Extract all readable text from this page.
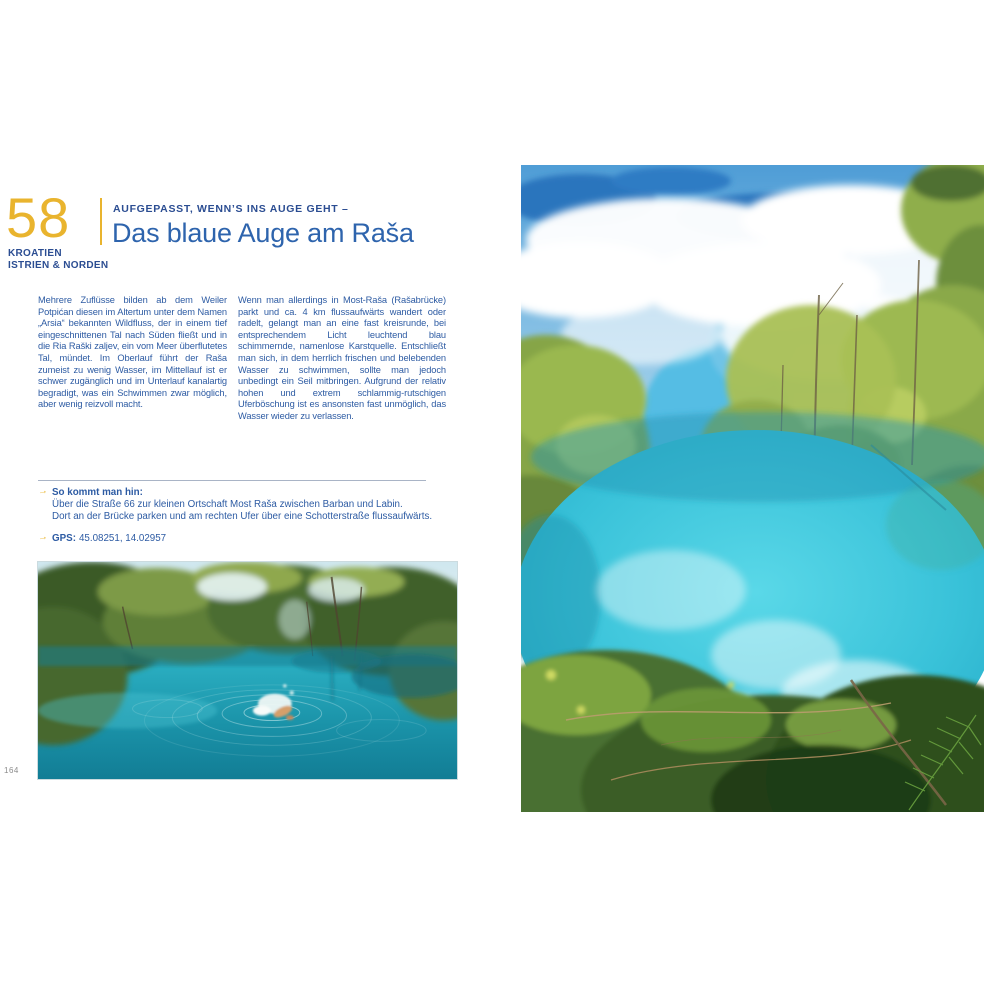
58
KROATIEN
ISTRIEN & NORDEN
AUFGEPASST, WENN’S INS AUGE GEHT –
Das blaue Auge am Raša

Mehrere Zuflüsse bilden ab dem Weiler Potpićan diesen im Altertum unter dem Namen „Arsia“ bekannten Wildfluss, der in einem tief eingeschnittenen Tal nach Süden fließt und in die Ria Raški zaljev, ein vom Meer überflutetes Tal, mündet. Im Oberlauf führt der Raša zumeist zu wenig Wasser, im Mittellauf ist er schwer zugänglich und im Unterlauf kanalartig begradigt, was ein Schwimmen zwar möglich, aber wenig reizvoll macht.

Wenn man allerdings in Most-Raša (Rašabrücke) parkt und ca. 4 km flussaufwärts wandert oder radelt, gelangt man an eine fast kreisrunde, bei entsprechendem Licht leuchtend blau schimmernde, namenlose Karstquelle. Entschließt man sich, in dem herrlich frischen und belebenden Wasser zu schwimmen, sollte man jedoch unbedingt ein Seil mitbringen. Aufgrund der relativ hohen und extrem schlammig-rutschigen Uferböschung ist es ansonsten fast unmöglich, das Wasser wieder zu verlassen.

→ So kommt man hin:
Über die Straße 66 zur kleinen Ortschaft Most Raša zwischen Barban und Labin.
Dort an der Brücke parken und am rechten Ufer über eine Schotterstraße flussaufwärts.
→ GPS: 45.08251, 14.02957
164
